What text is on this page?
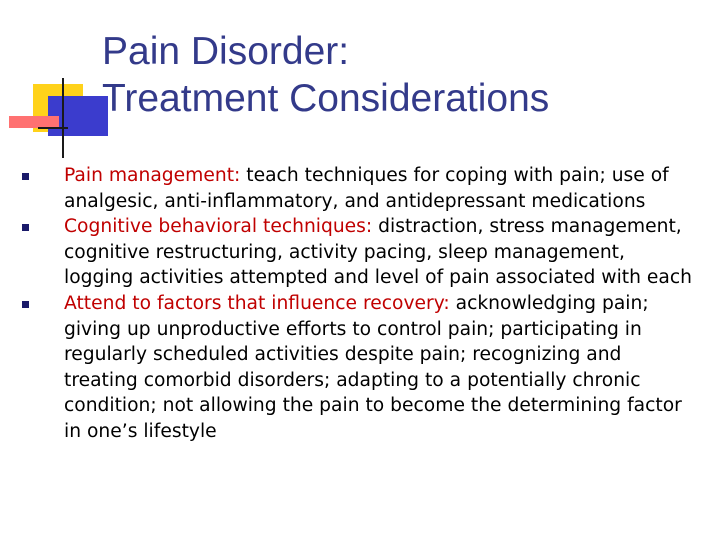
Pain Disorder:
Treatment Considerations
Pain management: teach techniques for coping with pain; use of analgesic, anti-inflammatory, and antidepressant medications
Cognitive behavioral techniques: distraction, stress management, cognitive restructuring, activity pacing, sleep management, logging activities attempted and level of pain associated with each
Attend to factors that influence recovery: acknowledging pain; giving up unproductive efforts to control pain; participating in regularly scheduled activities despite pain; recognizing and treating comorbid disorders; adapting to a potentially chronic condition; not allowing the pain to become the determining factor in one’s lifestyle
